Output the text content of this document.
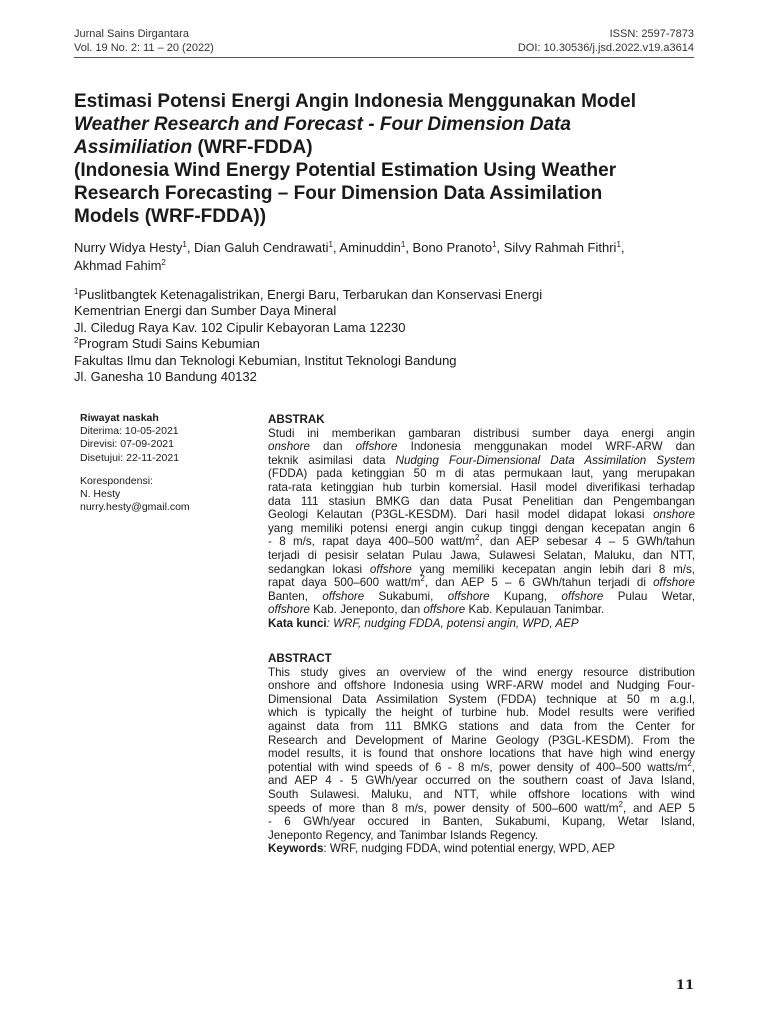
Jurnal Sains Dirgantara
Vol. 19 No. 2: 11 – 20 (2022)
ISSN: 2597-7873
DOI: 10.30536/j.jsd.2022.v19.a3614
Estimasi Potensi Energi Angin Indonesia Menggunakan Model
Weather Research and Forecast - Four Dimension Data
Assimiliation (WRF-FDDA)
(Indonesia Wind Energy Potential Estimation Using Weather
Research Forecasting – Four Dimension Data Assimilation
Models (WRF-FDDA))
Nurry Widya Hesty$^1$, Dian Galuh Cendrawati$^1$, Aminuddin$^1$, Bono Pranoto$^1$, Silvy Rahmah Fithri$^1$,
Akhmad Fahim$^2$
$^1$Puslitbangtek Ketenagalistrikan, Energi Baru, Terbarukan dan Konservasi Energi
Kementrian Energi dan Sumber Daya Mineral
Jl. Ciledug Raya Kav. 102 Cipulir Kebayoran Lama 12230
$^2$Program Studi Sains Kebumian
Fakultas Ilmu dan Teknologi Kebumian, Institut Teknologi Bandung
Jl. Ganesha 10 Bandung 40132
Riwayat naskah
Diterima: 10-05-2021
Direvisi: 07-09-2021
Disetujui: 22-11-2021
Korespondensi:
N. Hesty
nurry.hesty@gmail.com
ABSTRAK
Studi ini memberikan gambaran distribusi sumber daya energi angin
onshore dan offshore Indonesia menggunakan model WRF-ARW dan
teknik asimilasi data Nudging Four-Dimensional Data Assimilation System
(FDDA) pada ketinggian 50 m di atas permukaan laut, yang merupakan
rata-rata ketinggian hub turbin komersial. Hasil model diverifikasi terhadap
data 111 stasiun BMKG dan data Pusat Penelitian dan Pengembangan
Geologi Kelautan (P3GL-KESDM). Dari hasil model didapat lokasi onshore
yang memiliki potensi energi angin cukup tinggi dengan kecepatan angin 6
- 8 m/s, rapat daya 400–500 watt/$m^2$, dan AEP sebesar 4 – 5 GWh/tahun
terjadi di pesisir selatan Pulau Jawa, Sulawesi Selatan, Maluku, dan NTT,
sedangkan lokasi offshore yang memiliki kecepatan angin lebih dari 8 m/s,
rapat daya 500–600 watt/$m^2$, dan AEP 5 – 6 GWh/tahun terjadi di offshore
Banten, offshore Sukabumi, offshore Kupang, offshore Pulau Wetar,
offshore Kab. Jeneponto, dan offshore Kab. Kepulauan Tanimbar.
Kata kunci: WRF, nudging FDDA, potensi angin, WPD, AEP
ABSTRACT
This study gives an overview of the wind energy resource distribution
onshore and offshore Indonesia using WRF-ARW model and Nudging Four-
Dimensional Data Assimilation System (FDDA) technique at 50 m a.g.l,
which is typically the height of turbine hub. Model results were verified
against data from 111 BMKG stations and data from the Center for
Research and Development of Marine Geology (P3GL-KESDM). From the
model results, it is found that onshore locations that have high wind energy
potential with wind speeds of 6 - 8 m/s, power density of 400–500 watts/$m^2$,
and AEP 4 - 5 GWh/year occurred on the southern coast of Java Island,
South Sulawesi. Maluku, and NTT, while offshore locations with wind
speeds of more than 8 m/s, power density of 500–600 watt/$m^2$, and AEP 5
- 6 GWh/year occured in Banten, Sukabumi, Kupang, Wetar Island,
Jeneponto Regency, and Tanimbar Islands Regency.
Keywords: WRF, nudging FDDA, wind potential energy, WPD, AEP
11
